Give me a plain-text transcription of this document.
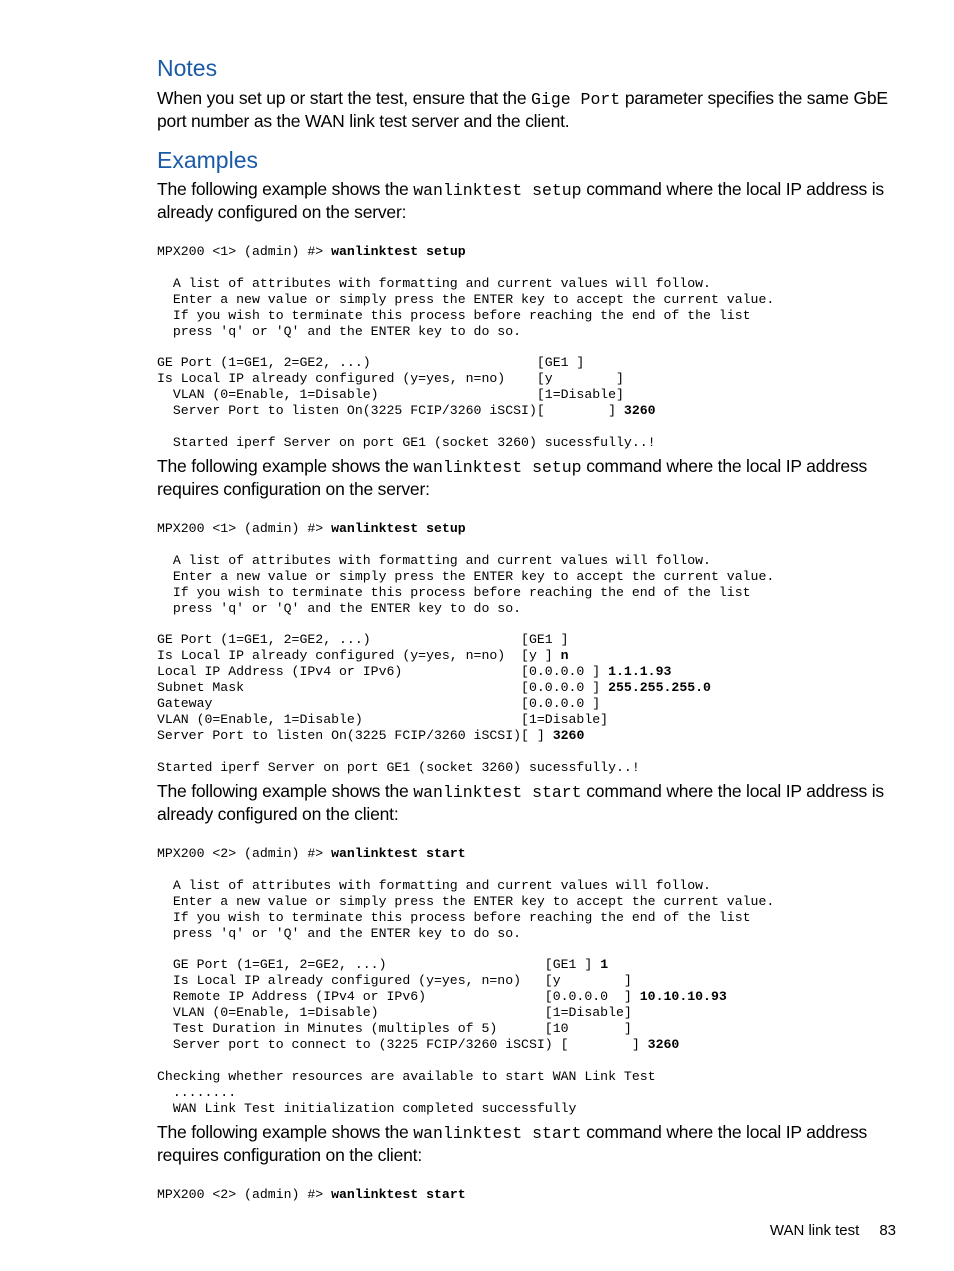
Notes

When you set up or start the test, ensure that the Gige Port parameter specifies the same GbE port number as the WAN link test server and the client.

Examples

The following example shows the wanlinktest setup command where the local IP address is already configured on the server:

MPX200 <1> (admin) #> wanlinktest setup

A list of attributes with formatting and current values will follow.
Enter a new value or simply press the ENTER key to accept the current value.
If you wish to terminate this process before reaching the end of the list
press 'q' or 'Q' and the ENTER key to do so.

GE Port (1=GE1, 2=GE2, ...)                     [GE1 ]
Is Local IP already configured (y=yes, n=no)    [y        ]
VLAN (0=Enable, 1=Disable)                    [1=Disable]
Server Port to listen On(3225 FCIP/3260 iSCSI)[        ] 3260

Started iperf Server on port GE1 (socket 3260) sucessfully..!

The following example shows the wanlinktest setup command where the local IP address requires configuration on the server:

MPX200 <1> (admin) #> wanlinktest setup

A list of attributes with formatting and current values will follow.
Enter a new value or simply press the ENTER key to accept the current value.
If you wish to terminate this process before reaching the end of the list
press 'q' or 'Q' and the ENTER key to do so.

GE Port (1=GE1, 2=GE2, ...)                   [GE1 ]
Is Local IP already configured (y=yes, n=no)  [y ] n
Local IP Address (IPv4 or IPv6)               [0.0.0.0 ] 1.1.1.93
Subnet Mask                                   [0.0.0.0 ] 255.255.255.0
Gateway                                       [0.0.0.0 ]
VLAN (0=Enable, 1=Disable)                    [1=Disable]
Server Port to listen On(3225 FCIP/3260 iSCSI)[ ] 3260

Started iperf Server on port GE1 (socket 3260) sucessfully..!

The following example shows the wanlinktest start command where the local IP address is already configured on the client:

MPX200 <2> (admin) #> wanlinktest start

A list of attributes with formatting and current values will follow.
Enter a new value or simply press the ENTER key to accept the current value.
If you wish to terminate this process before reaching the end of the list
press 'q' or 'Q' and the ENTER key to do so.

GE Port (1=GE1, 2=GE2, ...)                    [GE1 ] 1
Is Local IP already configured (y=yes, n=no)   [y        ]
Remote IP Address (IPv4 or IPv6)               [0.0.0.0  ] 10.10.10.93
VLAN (0=Enable, 1=Disable)                     [1=Disable]
Test Duration in Minutes (multiples of 5)      [10       ]
Server port to connect to (3225 FCIP/3260 iSCSI) [        ] 3260

Checking whether resources are available to start WAN Link Test
........
WAN Link Test initialization completed successfully

The following example shows the wanlinktest start command where the local IP address requires configuration on the client:

MPX200 <2> (admin) #> wanlinktest start

WAN link test 83
